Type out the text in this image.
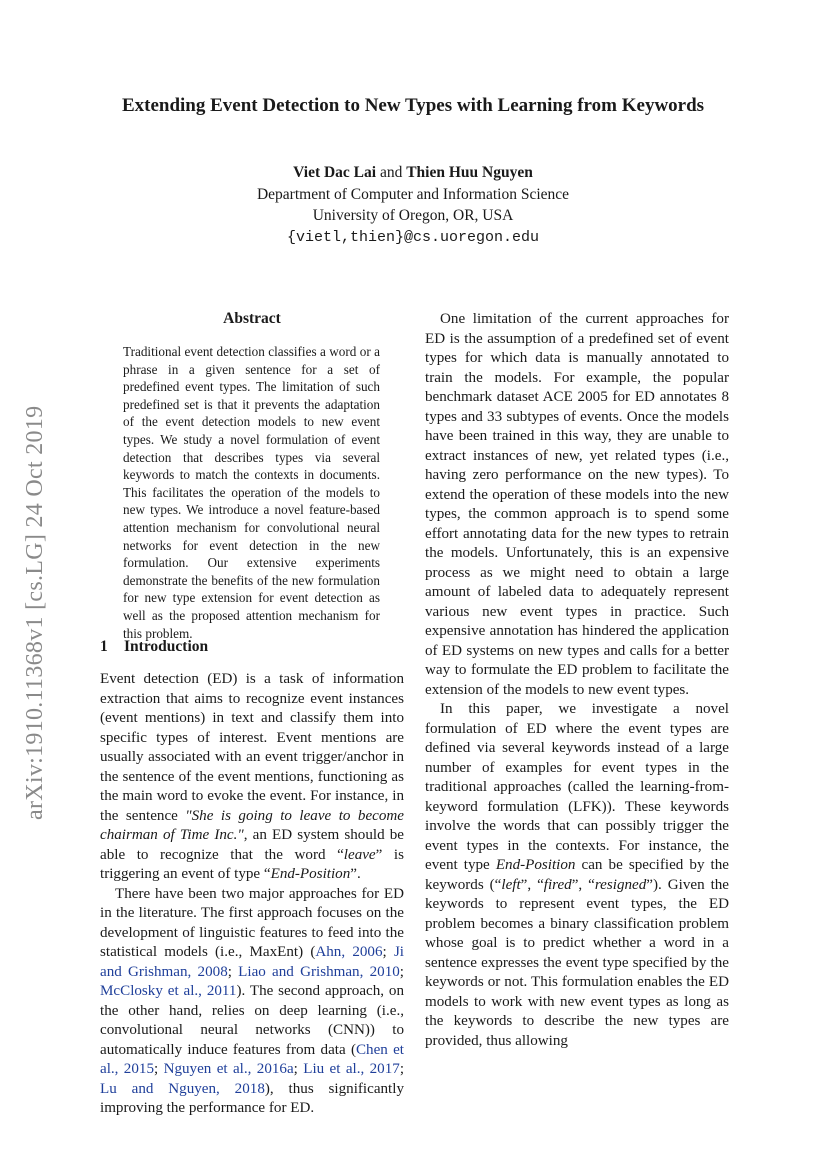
arXiv:1910.11368v1 [cs.LG] 24 Oct 2019
Extending Event Detection to New Types with Learning from Keywords
Viet Dac Lai and Thien Huu Nguyen
Department of Computer and Information Science
University of Oregon, OR, USA
{vietl,thien}@cs.uoregon.edu
Abstract
Traditional event detection classifies a word or a phrase in a given sentence for a set of predefined event types. The limitation of such predefined set is that it prevents the adaptation of the event detection models to new event types. We study a novel formulation of event detection that describes types via several keywords to match the contexts in documents. This facilitates the operation of the models to new types. We introduce a novel feature-based attention mechanism for convolutional neural networks for event detection in the new formulation. Our extensive experiments demonstrate the benefits of the new formulation for new type extension for event detection as well as the proposed attention mechanism for this problem.
1 Introduction

Event detection (ED) is a task of information extraction that aims to recognize event instances (event mentions) in text and classify them into specific types of interest. Event mentions are usually associated with an event trigger/anchor in the sentence of the event mentions, functioning as the main word to evoke the event. For instance, in the sentence "She is going to leave to become chairman of Time Inc.", an ED system should be able to recognize that the word “leave” is triggering an event of type “End-Position”.

There have been two major approaches for ED in the literature. The first approach focuses on the development of linguistic features to feed into the statistical models (i.e., MaxEnt) (Ahn, 2006; Ji and Grishman, 2008; Liao and Grishman, 2010; McClosky et al., 2011). The second approach, on the other hand, relies on deep learning (i.e., convolutional neural networks (CNN)) to automatically induce features from data (Chen et al., 2015; Nguyen et al., 2016a; Liu et al., 2017; Lu and Nguyen, 2018), thus significantly improving the performance for ED.

One limitation of the current approaches for ED is the assumption of a predefined set of event types for which data is manually annotated to train the models. For example, the popular benchmark dataset ACE 2005 for ED annotates 8 types and 33 subtypes of events. Once the models have been trained in this way, they are unable to extract instances of new, yet related types (i.e., having zero performance on the new types). To extend the operation of these models into the new types, the common approach is to spend some effort annotating data for the new types to retrain the models. Unfortunately, this is an expensive process as we might need to obtain a large amount of labeled data to adequately represent various new event types in practice. Such expensive annotation has hindered the application of ED systems on new types and calls for a better way to formulate the ED problem to facilitate the extension of the models to new event types.

In this paper, we investigate a novel formulation of ED where the event types are defined via several keywords instead of a large number of examples for event types in the traditional approaches (called the learning-from-keyword formulation (LFK)). These keywords involve the words that can possibly trigger the event types in the contexts. For instance, the event type End-Position can be specified by the keywords (“left”, “fired”, “resigned”). Given the keywords to represent event types, the ED problem becomes a binary classification problem whose goal is to predict whether a word in a sentence expresses the event type specified by the keywords or not. This formulation enables the ED models to work with new event types as long as the keywords to describe the new types are provided, thus allowing
